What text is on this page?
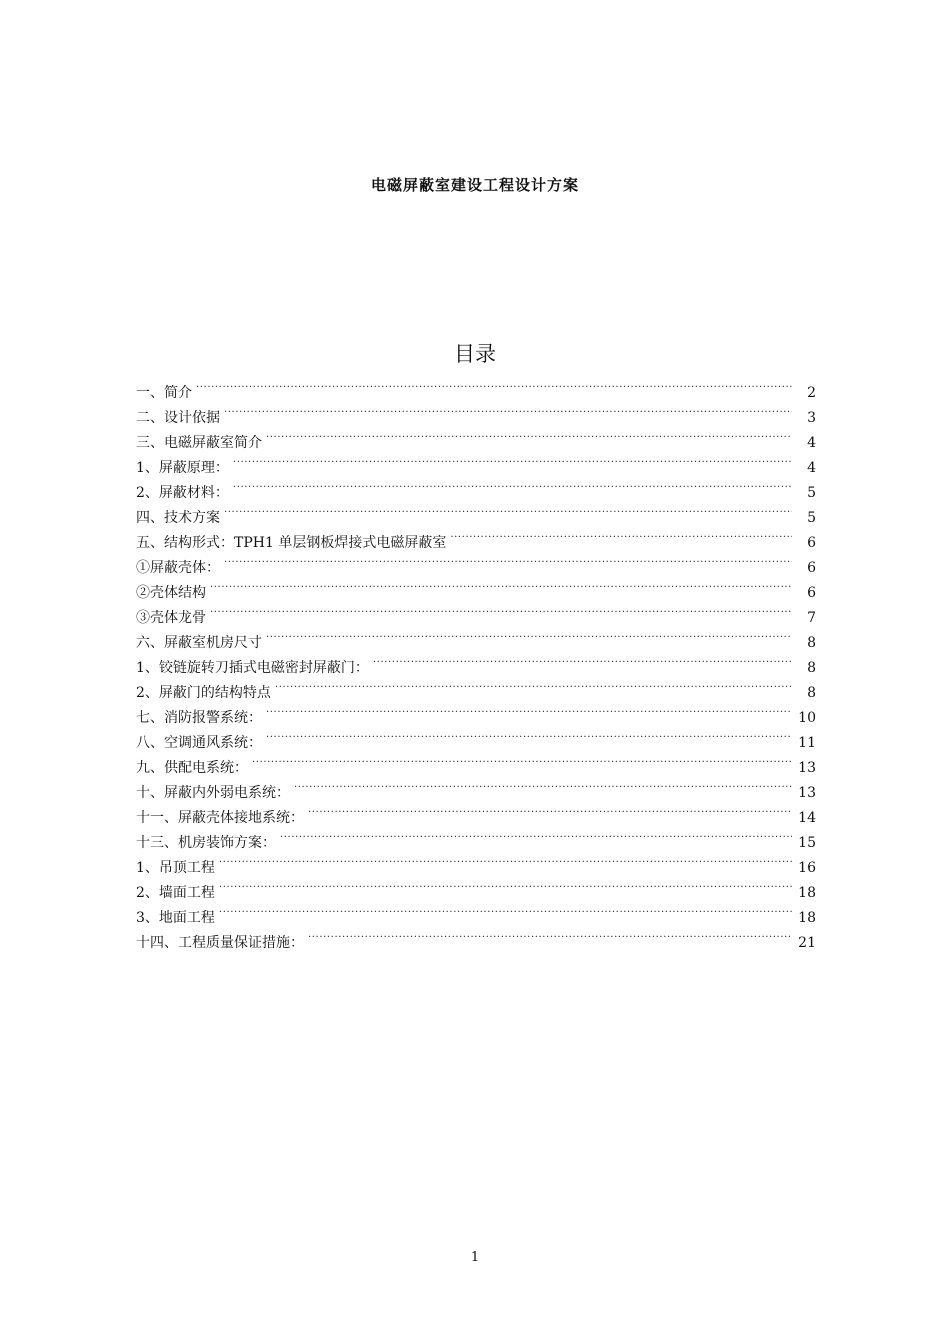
电磁屏蔽室建设工程设计方案
目录
一、简介 .....	2
二、设计依据 .....	3
三、电磁屏蔽室简介 .....	4
1、屏蔽原理： .....	4
2、屏蔽材料： .....	5
四、技术方案 .....	5
五、结构形式：TPH1 单层钢板焊接式电磁屏蔽室 .....	6
①屏蔽壳体： .....	6
②壳体结构 .....	6
③壳体龙骨 .....	7
六、屏蔽室机房尺寸 .....	8
1、铰链旋转刀插式电磁密封屏蔽门： .....	8
2、屏蔽门的结构特点 .....	8
七、消防报警系统： .....	10
八、空调通风系统： .....	11
九、供配电系统： .....	13
十、屏蔽内外弱电系统： .....	13
十一、屏蔽壳体接地系统： .....	14
十三、机房装饰方案： .....	15
1、吊顶工程 .....	16
2、墙面工程 .....	18
3、地面工程 .....	18
十四、工程质量保证措施： .....	21
1
